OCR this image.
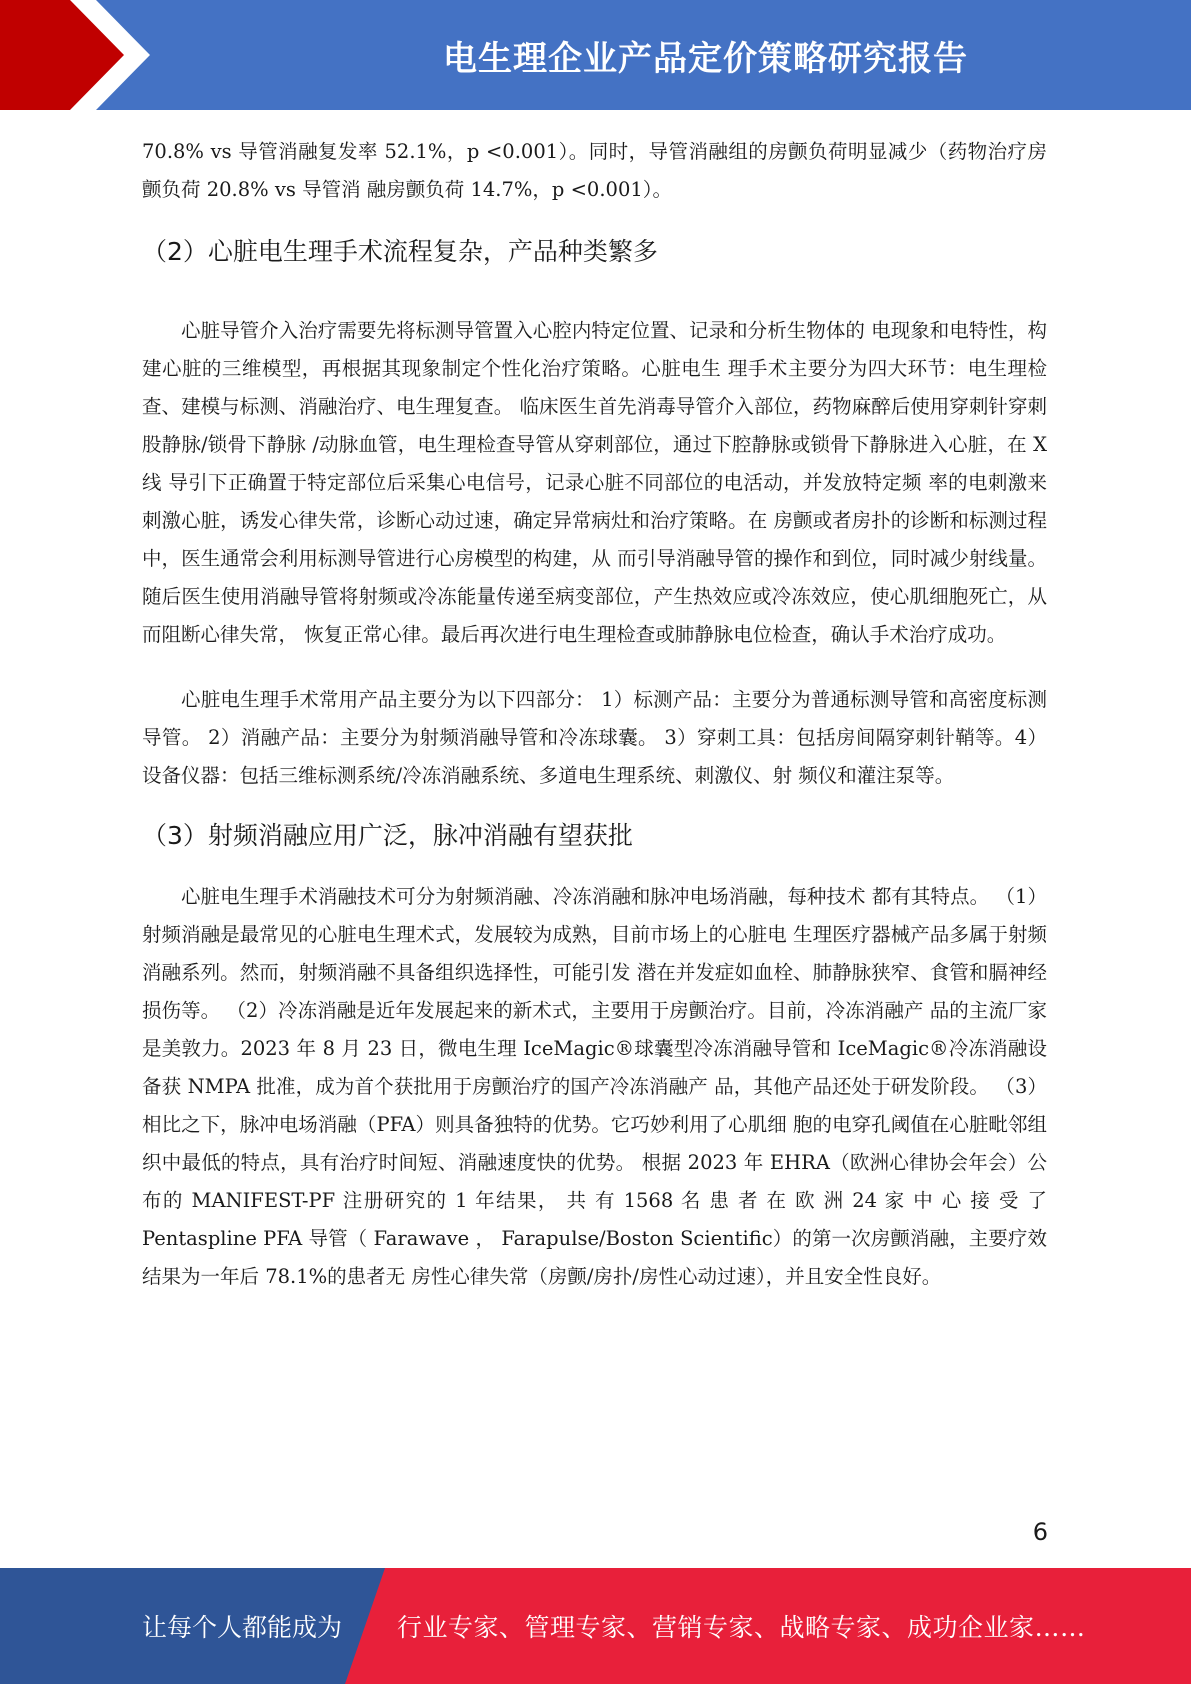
电生理企业产品定价策略研究报告

70.8% vs 导管消融复发率 52.1%，p <0.001）。同时，导管消融组的房颤负荷明显减少（药物治疗房颤负荷 20.8% vs 导管消 融房颤负荷 14.7%，p <0.001）。

（2）心脏电生理手术流程复杂，产品种类繁多

心脏导管介入治疗需要先将标测导管置入心腔内特定位置、记录和分析生物体的 电现象和电特性，构建心脏的三维模型，再根据其现象制定个性化治疗策略。心脏电生 理手术主要分为四大环节：电生理检查、建模与标测、消融治疗、电生理复查。 临床医生首先消毒导管介入部位，药物麻醉后使用穿刺针穿刺股静脉/锁骨下静脉 /动脉血管，电生理检查导管从穿刺部位，通过下腔静脉或锁骨下静脉进入心脏，在 X 线 导引下正确置于特定部位后采集心电信号，记录心脏不同部位的电活动，并发放特定频 率的电刺激来刺激心脏，诱发心律失常，诊断心动过速，确定异常病灶和治疗策略。在 房颤或者房扑的诊断和标测过程中，医生通常会利用标测导管进行心房模型的构建，从 而引导消融导管的操作和到位，同时减少射线量。随后医生使用消融导管将射频或冷冻能量传递至病变部位，产生热效应或冷冻效应，使心肌细胞死亡，从而阻断心律失常， 恢复正常心律。最后再次进行电生理检查或肺静脉电位检查，确认手术治疗成功。

心脏电生理手术常用产品主要分为以下四部分： 1）标测产品：主要分为普通标测导管和高密度标测导管。 2）消融产品：主要分为射频消融导管和冷冻球囊。 3）穿刺工具：包括房间隔穿刺针鞘等。4）设备仪器：包括三维标测系统/冷冻消融系统、多道电生理系统、刺激仪、射 频仪和灌注泵等。

（3）射频消融应用广泛，脉冲消融有望获批

心脏电生理手术消融技术可分为射频消融、冷冻消融和脉冲电场消融，每种技术 都有其特点。 （1）射频消融是最常见的心脏电生理术式，发展较为成熟，目前市场上的心脏电 生理医疗器械产品多属于射频消融系列。然而，射频消融不具备组织选择性，可能引发 潜在并发症如血栓、肺静脉狭窄、食管和膈神经损伤等。 （2）冷冻消融是近年发展起来的新术式，主要用于房颤治疗。目前，冷冻消融产 品的主流厂家是美敦力。2023 年 8 月 23 日，微电生理 IceMagic®球囊型冷冻消融导管和 IceMagic®冷冻消融设备获 NMPA 批准，成为首个获批用于房颤治疗的国产冷冻消融产 品，其他产品还处于研发阶段。 （3）相比之下，脉冲电场消融（PFA）则具备独特的优势。它巧妙利用了心肌细 胞的电穿孔阈值在心脏毗邻组织中最低的特点，具有治疗时间短、消融速度快的优势。 根据 2023 年 EHRA（欧洲心律协会年会）公布的 MANIFEST-PF 注册研究的 1 年结果， 共 有 1568 名 患 者 在 欧 洲 24 家 中 心 接 受 了 Pentaspline PFA 导管（ Farawave ， Farapulse/Boston Scientific）的第一次房颤消融，主要疗效结果为一年后 78.1%的患者无 房性心律失常（房颤/房扑/房性心动过速），并且安全性良好。

6
让每个人都能成为 行业专家、管理专家、营销专家、战略专家、成功企业家……
